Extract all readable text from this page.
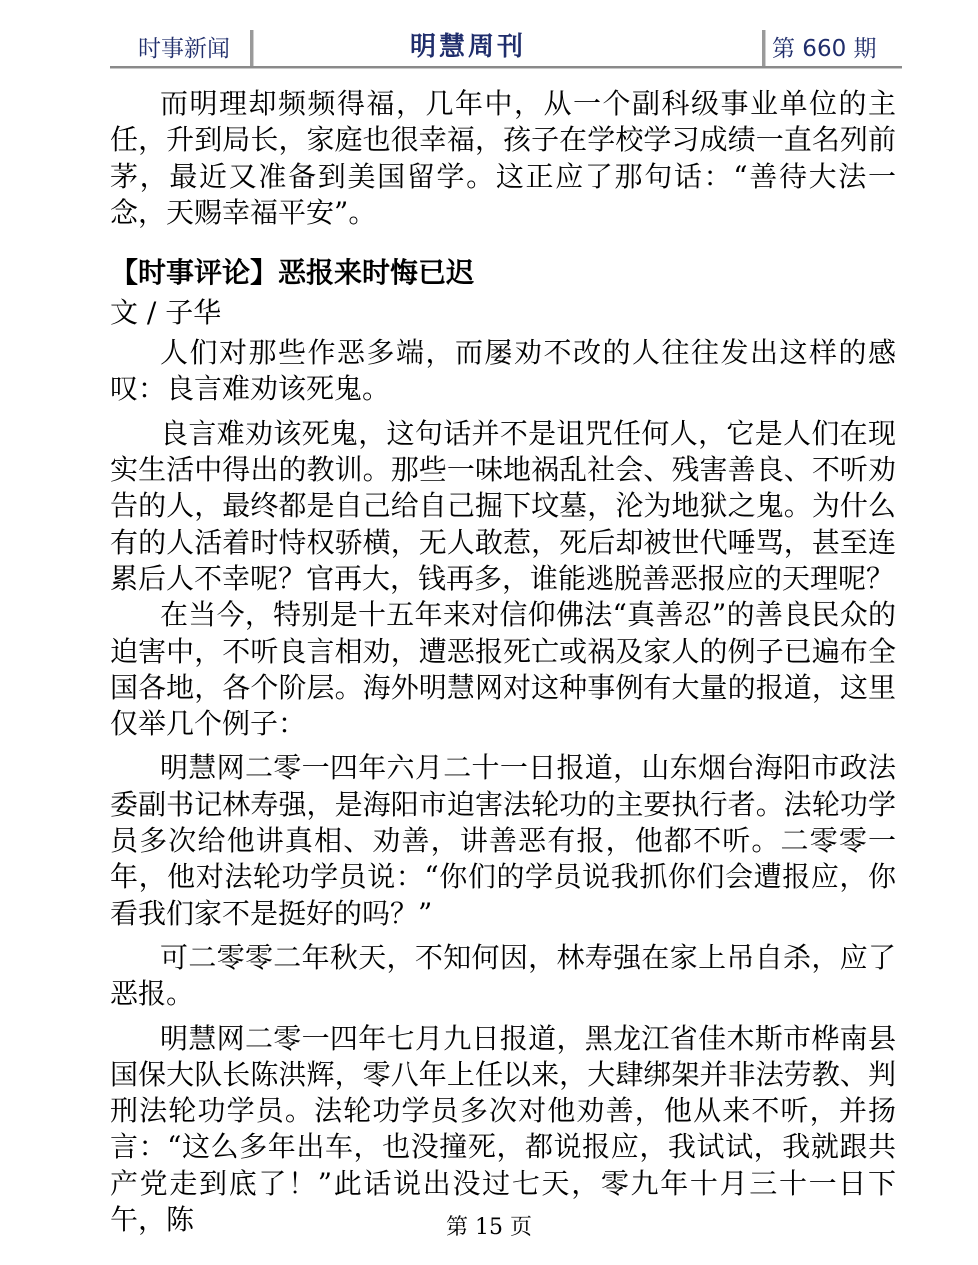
时事新闻	明慧周刊	第 660 期

而明理却频频得福，几年中，从一个副科级事业单位的主任，升到局长，家庭也很幸福，孩子在学校学习成绩一直名列前茅，最近又准备到美国留学。这正应了那句话：“善待大法一念，天赐幸福平安”。

【时事评论】恶报来时悔已迟
文 / 子华

人们对那些作恶多端，而屡劝不改的人往往发出这样的感叹：良言难劝该死鬼。

良言难劝该死鬼，这句话并不是诅咒任何人，它是人们在现实生活中得出的教训。那些一味地祸乱社会、残害善良、不听劝告的人，最终都是自己给自己掘下坟墓，沦为地狱之鬼。为什么有的人活着时恃权骄横，无人敢惹，死后却被世代唾骂，甚至连累后人不幸呢？官再大，钱再多，谁能逃脱善恶报应的天理呢？

在当今，特别是十五年来对信仰佛法“真善忍”的善良民众的迫害中，不听良言相劝，遭恶报死亡或祸及家人的例子已遍布全国各地，各个阶层。海外明慧网对这种事例有大量的报道，这里仅举几个例子：

明慧网二零一四年六月二十一日报道，山东烟台海阳市政法委副书记林寿强，是海阳市迫害法轮功的主要执行者。法轮功学员多次给他讲真相、劝善，讲善恶有报，他都不听。二零零一年，他对法轮功学员说：“你们的学员说我抓你们会遭报应，你看我们家不是挺好的吗？”

可二零零二年秋天，不知何因，林寿强在家上吊自杀，应了恶报。

明慧网二零一四年七月九日报道，黑龙江省佳木斯市桦南县国保大队长陈洪辉，零八年上任以来，大肆绑架并非法劳教、判刑法轮功学员。法轮功学员多次对他劝善，他从来不听，并扬言：“这么多年出车，也没撞死，都说报应，我试试，我就跟共产党走到底了！”此话说出没过七天，零九年十月三十一日下午，陈	第 15 页
